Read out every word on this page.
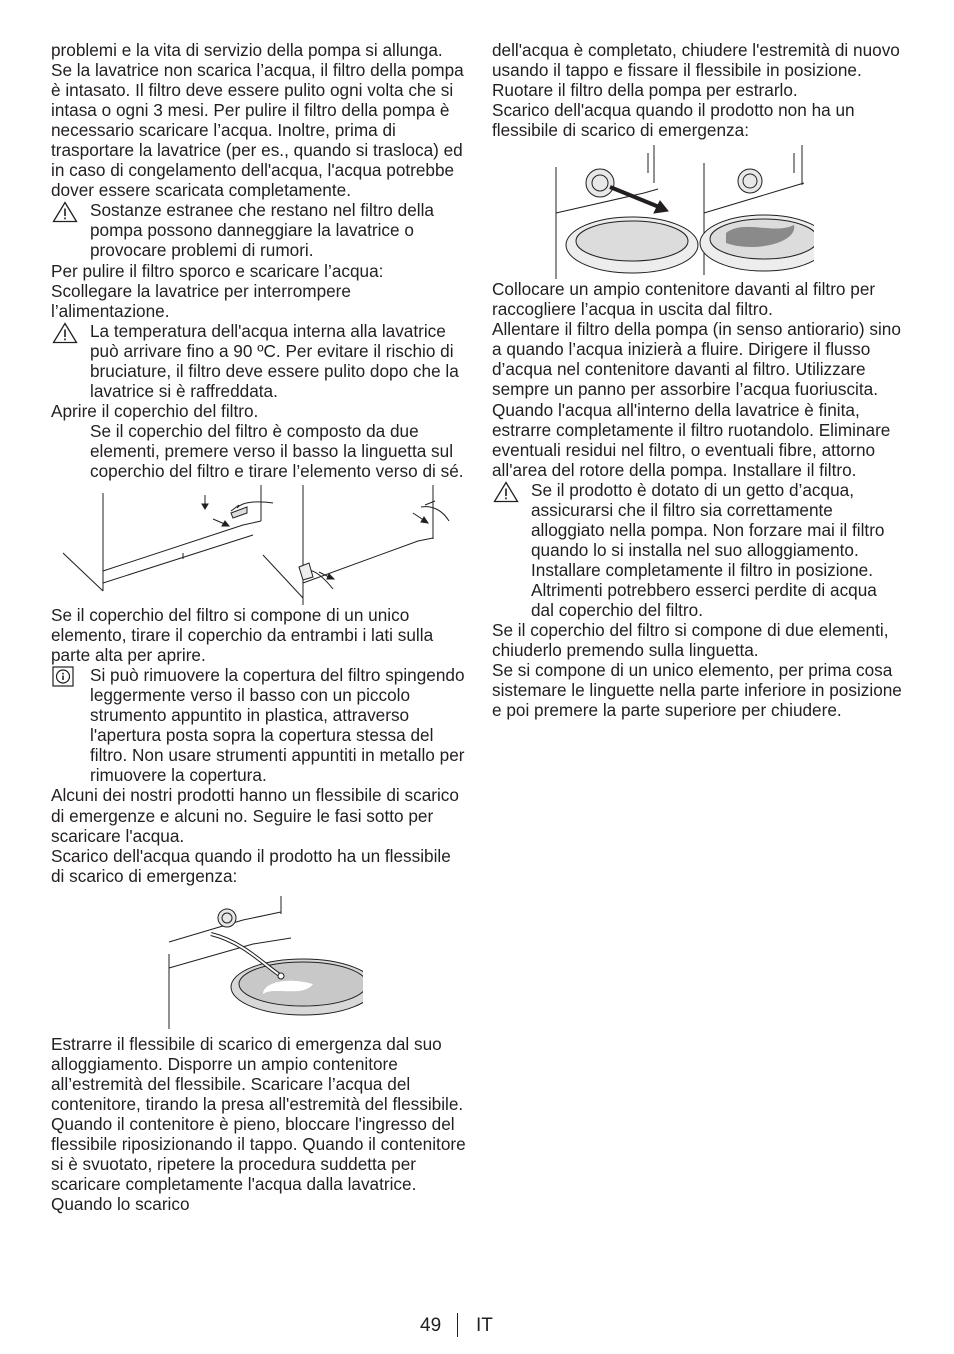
problemi e la vita di servizio della pompa si allunga.

Se la lavatrice non scarica l’acqua, il filtro della pompa è intasato. Il filtro deve essere pulito ogni volta che si intasa o ogni 3 mesi. Per pulire il filtro della pompa è necessario scaricare l’acqua. Inoltre, prima di trasportare la lavatrice (per es., quando si trasloca) ed in caso di congelamento dell'acqua, l'acqua potrebbe dover essere scaricata completamente.

Sostanze estranee che restano nel filtro della pompa possono danneggiare la lavatrice o provocare problemi di rumori.

Per pulire il filtro sporco e scaricare l’acqua:

Scollegare la lavatrice per interrompere l’alimentazione.

La temperatura dell'acqua interna alla lavatrice può arrivare fino a 90 ºC. Per evitare il rischio di bruciature, il filtro deve essere pulito dopo che la lavatrice si è raffreddata.

Aprire il coperchio del filtro.

Se il coperchio del filtro è composto da due elementi, premere verso il basso la linguetta sul coperchio del filtro e tirare l’elemento verso di sé.

Se il coperchio del filtro si compone di un unico elemento, tirare il coperchio da entrambi i lati sulla parte alta per aprire.

Si può rimuovere la copertura del filtro spingendo leggermente verso il basso con un piccolo strumento appuntito in plastica, attraverso l'apertura posta sopra la copertura stessa del filtro. Non usare strumenti appuntiti in metallo per rimuovere la copertura.

Alcuni dei nostri prodotti hanno un flessibile di scarico di emergenze e alcuni no. Seguire le fasi sotto per scaricare l'acqua.

Scarico dell'acqua quando il prodotto ha un flessibile di scarico di emergenza:

Estrarre il flessibile di scarico di emergenza dal suo alloggiamento. Disporre un ampio contenitore all’estremità del flessibile. Scaricare l’acqua del contenitore, tirando la presa all'estremità del flessibile. Quando il contenitore è pieno, bloccare l'ingresso del flessibile riposizionando il tappo. Quando il contenitore si è svuotato, ripetere la procedura suddetta per scaricare completamente l'acqua dalla lavatrice. Quando lo scarico

dell'acqua è completato, chiudere l'estremità di nuovo usando il tappo e fissare il flessibile in posizione. Ruotare il filtro della pompa per estrarlo.

Scarico dell'acqua quando il prodotto non ha un flessibile di scarico di emergenza:

Collocare un ampio contenitore davanti al filtro per raccogliere l’acqua in uscita dal filtro.

Allentare il filtro della pompa (in senso antiorario) sino a quando l’acqua inizierà a fluire. Dirigere il flusso d’acqua nel contenitore davanti al filtro. Utilizzare sempre un panno per assorbire l’acqua fuoriuscita. Quando l'acqua all'interno della lavatrice è finita, estrarre completamente il filtro ruotandolo. Eliminare eventuali residui nel filtro, o eventuali fibre, attorno all'area del rotore della pompa. Installare il filtro.

Se il prodotto è dotato di un getto d’acqua, assicurarsi che il filtro sia correttamente alloggiato nella pompa. Non forzare mai il filtro quando lo si installa nel suo alloggiamento. Installare completamente il filtro in posizione. Altrimenti potrebbero esserci perdite di acqua dal coperchio del filtro.

Se il coperchio del filtro si compone di due elementi, chiuderlo premendo sulla linguetta.

Se si compone di un unico elemento, per prima cosa sistemare le linguette nella parte inferiore in posizione e poi premere la parte superiore per chiudere.

49 IT
